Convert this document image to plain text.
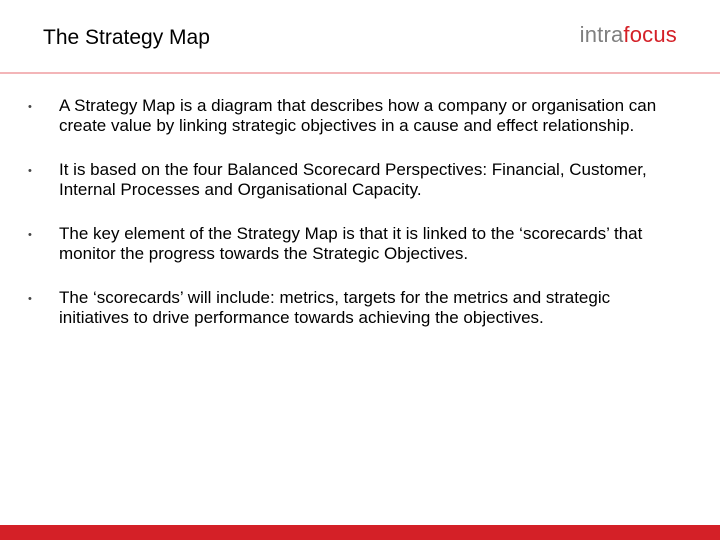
The Strategy Map	intrafocus
• A Strategy Map is a diagram that describes how a company or organisation can create value by linking strategic objectives in a cause and effect relationship.
• It is based on the four Balanced Scorecard Perspectives: Financial, Customer, Internal Processes and Organisational Capacity.
• The key element of the Strategy Map is that it is linked to the ‘scorecards’ that monitor the progress towards the Strategic Objectives.
• The ‘scorecards’ will include: metrics, targets for the metrics and strategic initiatives to drive performance towards achieving the objectives.
